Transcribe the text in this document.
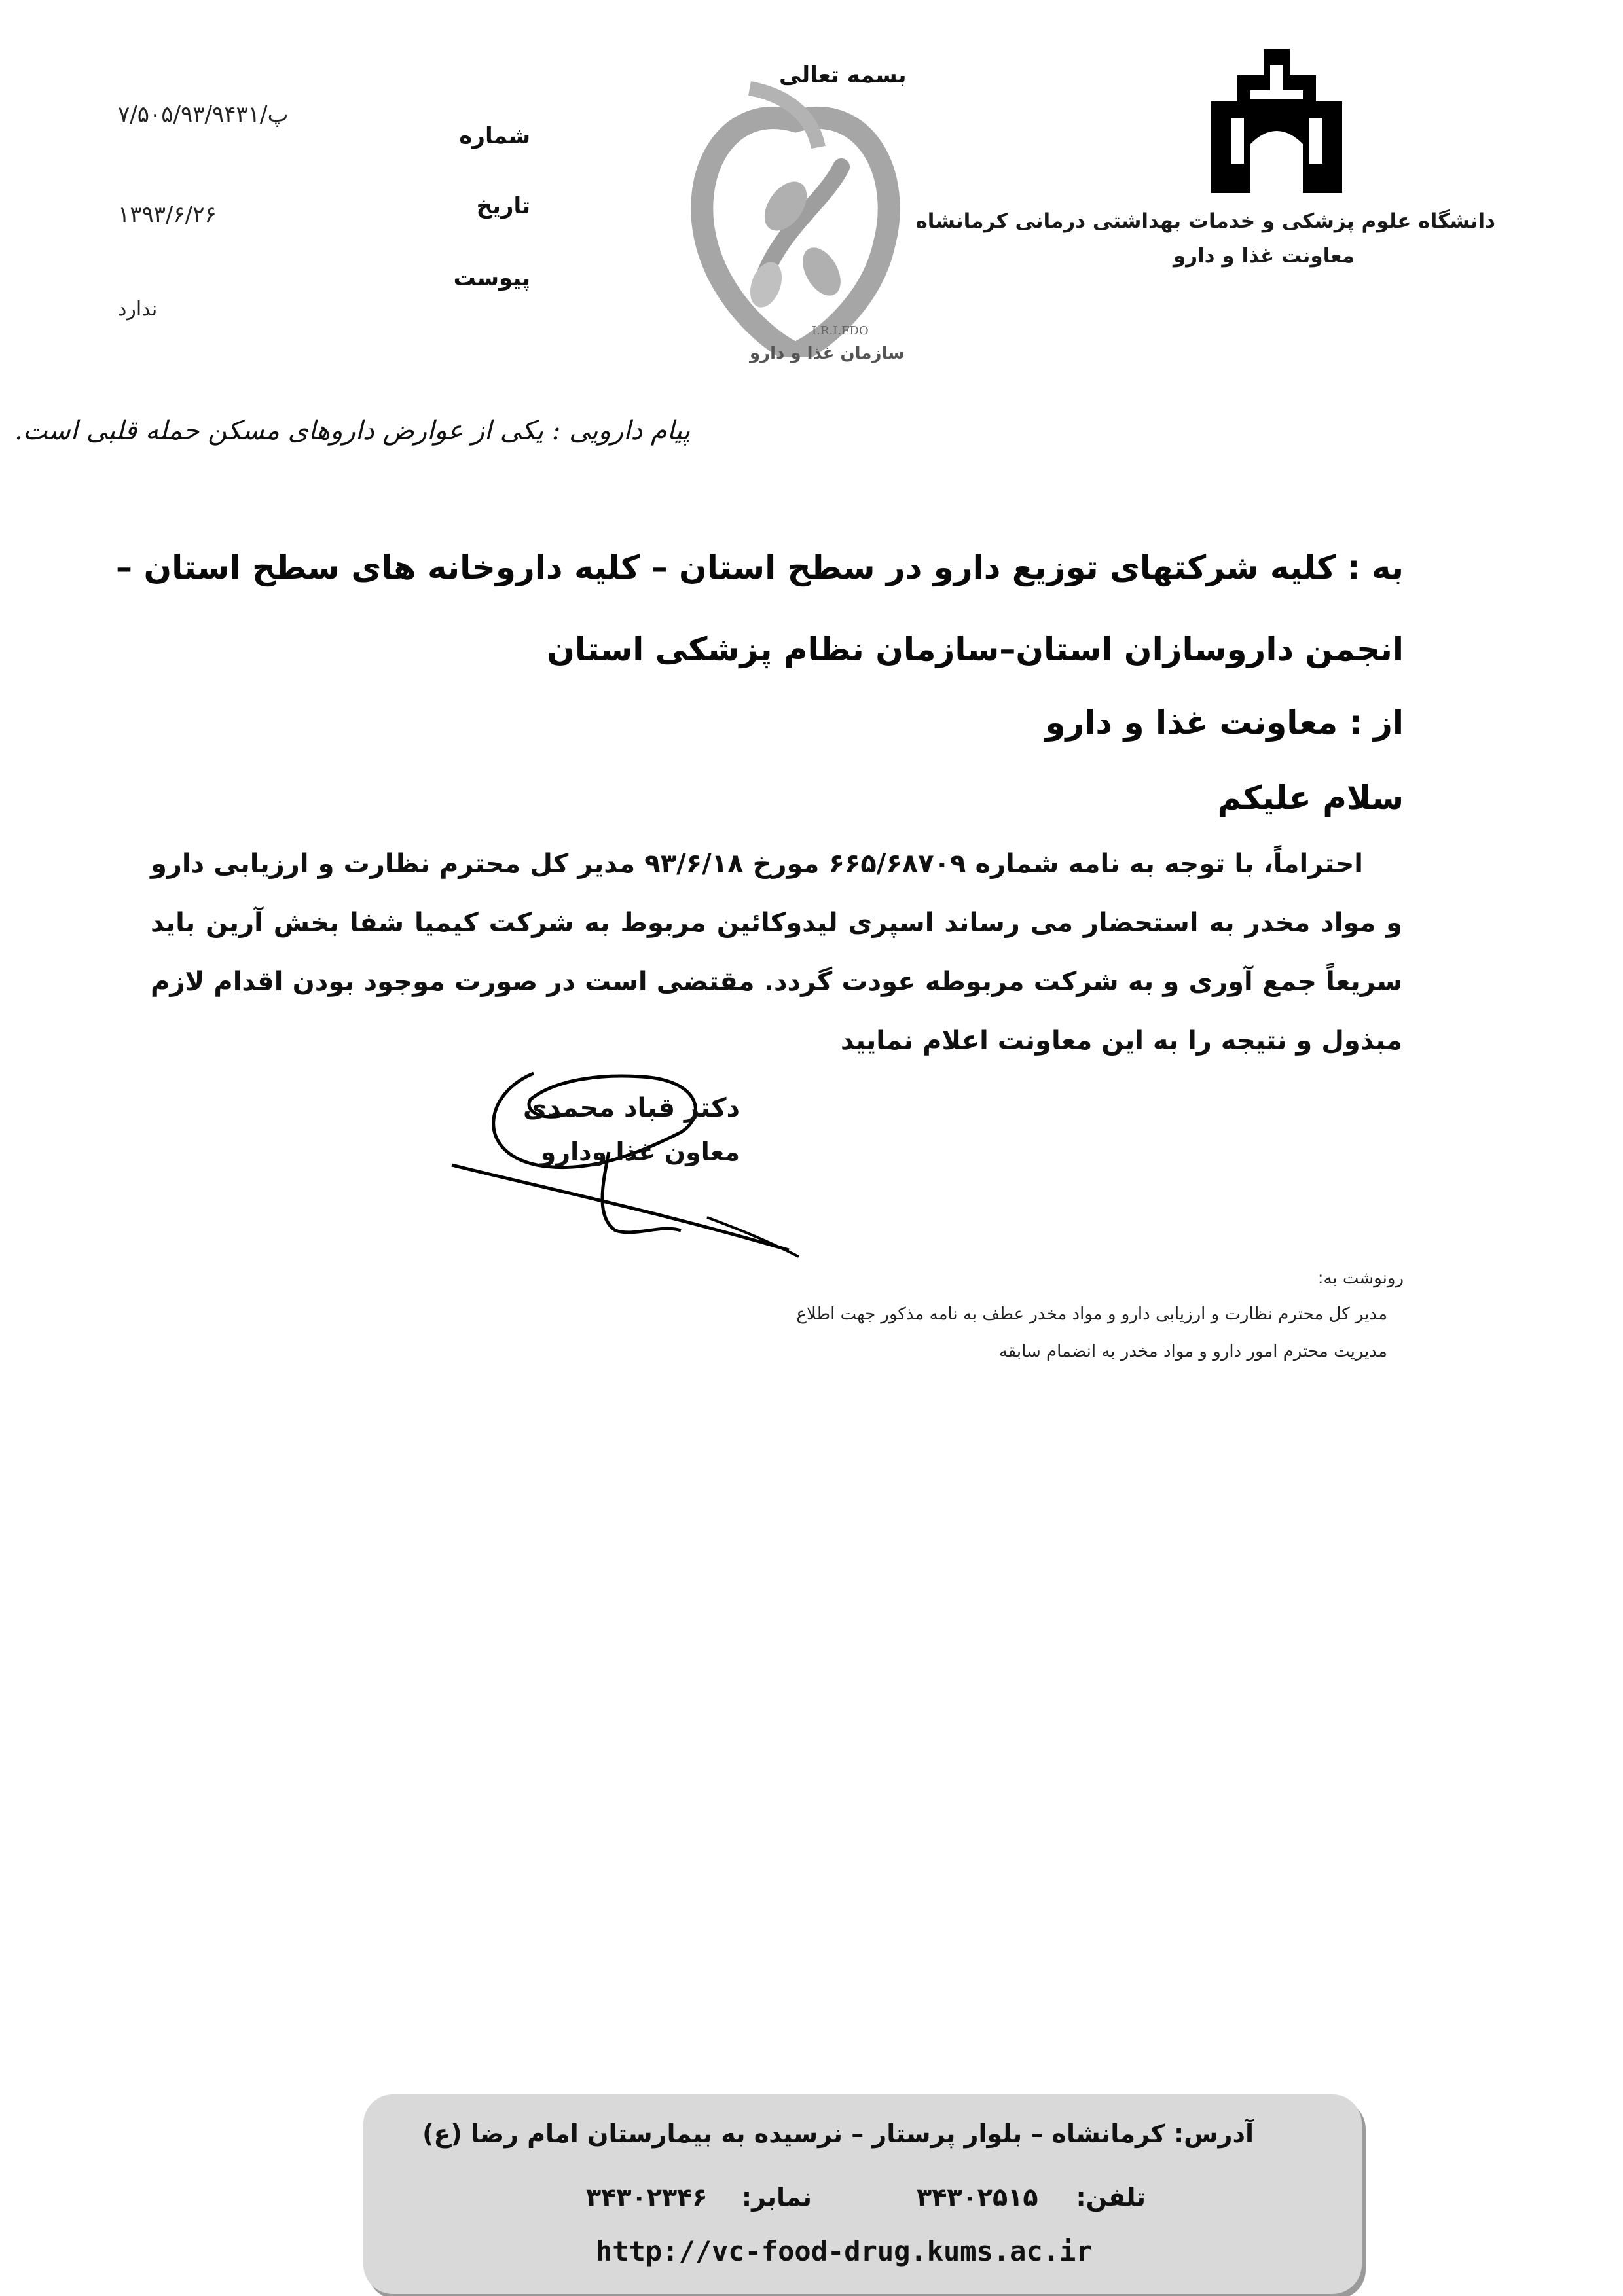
۷/۵۰۵/۹۳/۹۴۳۱/پ
۱۳۹۳/۶/۲۶
ندارد
شماره
تاریخ
پیوست
بسمه تعالی
I.R.I.FDO
سازمان غذا و دارو
دانشگاه علوم پزشکی و خدمات بهداشتی درمانی کرمانشاه
معاونت غذا و دارو
پیام دارویی : یکی از عوارض داروهای مسکن حمله قلبی است.
به : کلیه شرکتهای توزیع دارو در سطح استان – کلیه داروخانه های سطح استان –
انجمن داروسازان استان–سازمان نظام پزشکی استان
از : معاونت غذا و دارو
سلام علیکم
احتراماً، با توجه به نامه شماره ۶۶۵/۶۸۷۰۹ مورخ ۹۳/۶/۱۸ مدیر کل محترم نظارت و ارزیابی دارو و مواد مخدر به استحضار می رساند اسپری لیدوکائین مربوط به شرکت کیمیا شفا بخش آرین باید سریعاً جمع آوری و به شرکت مربوطه عودت گردد. مقتضی است در صورت موجود بودن اقدام لازم مبذول و نتیجه را به این معاونت اعلام نمایید
دکتر قباد محمدی
معاون غذا ودارو
رونوشت به:
مدیر کل محترم نظارت و ارزیابی دارو و مواد مخدر عطف به نامه مذکور جهت اطلاع
مدیریت محترم امور دارو و مواد مخدر به انضمام سابقه
آدرس: کرمانشاه – بلوار پرستار – نرسیده به بیمارستان امام رضا (ع)
تلفن:
۳۴۳۰۲۵۱۵
نمابر:
۳۴۳۰۲۳۴۶
http://vc-food-drug.kums.ac.ir
